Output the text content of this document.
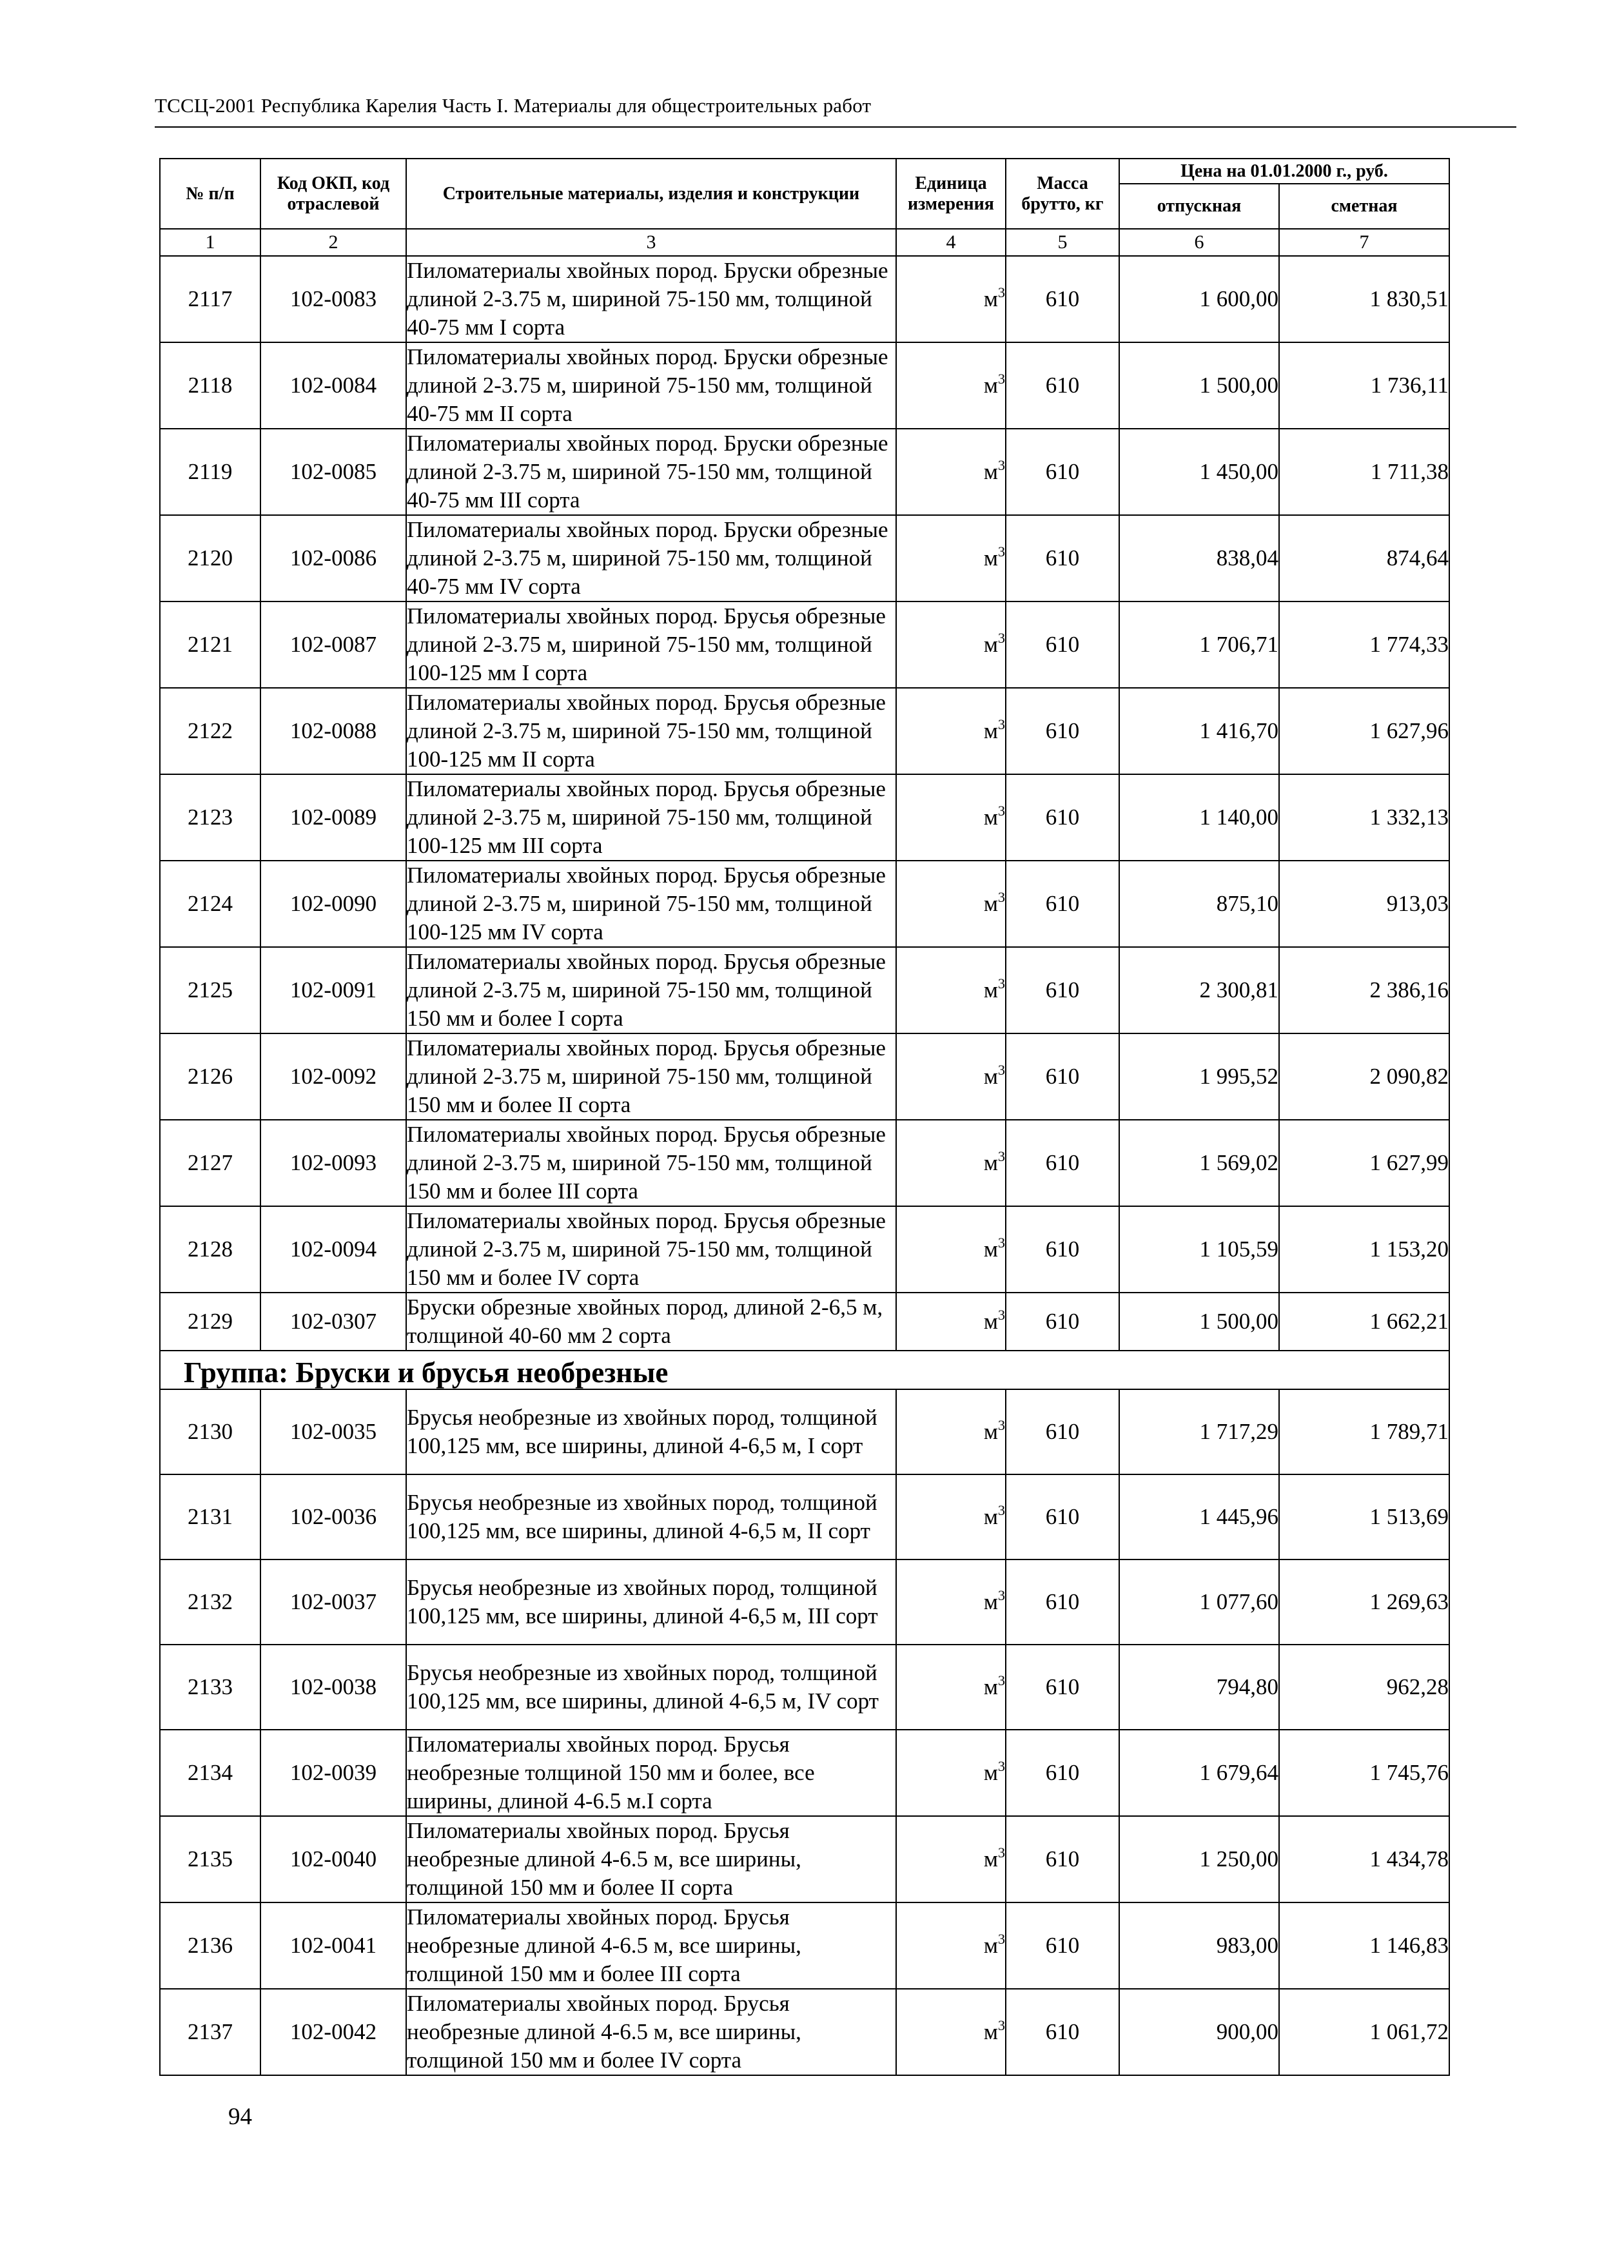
ТССЦ-2001 Республика Карелия Часть I. Материалы для общестроительных работ
№ п/п	Код ОКП, код отраслевой	Строительные материалы, изделия и конструкции	Единица измерения	Масса брутто, кг	Цена на 01.01.2000 г., руб.	
					отпускная	сметная
1	2	3	4	5	6	7
2117	102-0083	Пиломатериалы хвойных пород. Бруски обрезные длиной 2-3.75 м, шириной 75-150 мм, толщиной 40-75 мм I сорта	$м^3$	610	1 600,00	1 830,51
2118	102-0084	Пиломатериалы хвойных пород. Бруски обрезные длиной 2-3.75 м, шириной 75-150 мм, толщиной 40-75 мм II сорта	$м^3$	610	1 500,00	1 736,11
2119	102-0085	Пиломатериалы хвойных пород. Бруски обрезные длиной 2-3.75 м, шириной 75-150 мм, толщиной 40-75 мм III сорта	$м^3$	610	1 450,00	1 711,38
2120	102-0086	Пиломатериалы хвойных пород. Бруски обрезные длиной 2-3.75 м, шириной 75-150 мм, толщиной 40-75 мм IV сорта	$м^3$	610	838,04	874,64
2121	102-0087	Пиломатериалы хвойных пород. Брусья обрезные длиной 2-3.75 м, шириной 75-150 мм, толщиной 100-125 мм I сорта	$м^3$	610	1 706,71	1 774,33
2122	102-0088	Пиломатериалы хвойных пород. Брусья обрезные длиной 2-3.75 м, шириной 75-150 мм, толщиной 100-125 мм II сорта	$м^3$	610	1 416,70	1 627,96
2123	102-0089	Пиломатериалы хвойных пород. Брусья обрезные длиной 2-3.75 м, шириной 75-150 мм, толщиной 100-125 мм III сорта	$м^3$	610	1 140,00	1 332,13
2124	102-0090	Пиломатериалы хвойных пород. Брусья обрезные длиной 2-3.75 м, шириной 75-150 мм, толщиной 100-125 мм IV сорта	$м^3$	610	875,10	913,03
2125	102-0091	Пиломатериалы хвойных пород. Брусья обрезные длиной 2-3.75 м, шириной 75-150 мм, толщиной 150 мм и более I сорта	$м^3$	610	2 300,81	2 386,16
2126	102-0092	Пиломатериалы хвойных пород. Брусья обрезные длиной 2-3.75 м, шириной 75-150 мм, толщиной 150 мм и более II сорта	$м^3$	610	1 995,52	2 090,82
2127	102-0093	Пиломатериалы хвойных пород. Брусья обрезные длиной 2-3.75 м, шириной 75-150 мм, толщиной 150 мм и более III сорта	$м^3$	610	1 569,02	1 627,99
2128	102-0094	Пиломатериалы хвойных пород. Брусья обрезные длиной 2-3.75 м, шириной 75-150 мм, толщиной 150 мм и более IV сорта	$м^3$	610	1 105,59	1 153,20
2129	102-0307	Бруски обрезные хвойных пород, длиной 2-6,5 м, толщиной 40-60 мм 2 сорта	$м^3$	610	1 500,00	1 662,21
Группа: Бруски и брусья необрезные						
2130	102-0035	Брусья необрезные из хвойных пород, толщиной 100,125 мм, все ширины, длиной 4-6,5 м, I сорт	$м^3$	610	1 717,29	1 789,71
2131	102-0036	Брусья необрезные из хвойных пород, толщиной 100,125 мм, все ширины, длиной 4-6,5 м, II сорт	$м^3$	610	1 445,96	1 513,69
2132	102-0037	Брусья необрезные из хвойных пород, толщиной 100,125 мм, все ширины, длиной 4-6,5 м, III сорт	$м^3$	610	1 077,60	1 269,63
2133	102-0038	Брусья необрезные из хвойных пород, толщиной 100,125 мм, все ширины, длиной 4-6,5 м, IV сорт	$м^3$	610	794,80	962,28
2134	102-0039	Пиломатериалы хвойных пород. Брусья необрезные толщиной 150 мм и более, все ширины, длиной 4-6.5 м.I сорта	$м^3$	610	1 679,64	1 745,76
2135	102-0040	Пиломатериалы хвойных пород. Брусья необрезные длиной 4-6.5 м, все ширины, толщиной 150 мм и более II сорта	$м^3$	610	1 250,00	1 434,78
2136	102-0041	Пиломатериалы хвойных пород. Брусья необрезные длиной 4-6.5 м, все ширины, толщиной 150 мм и более III сорта	$м^3$	610	983,00	1 146,83
2137	102-0042	Пиломатериалы хвойных пород. Брусья необрезные длиной 4-6.5 м, все ширины, толщиной 150 мм и более IV сорта	$м^3$	610	900,00	1 061,72
94
